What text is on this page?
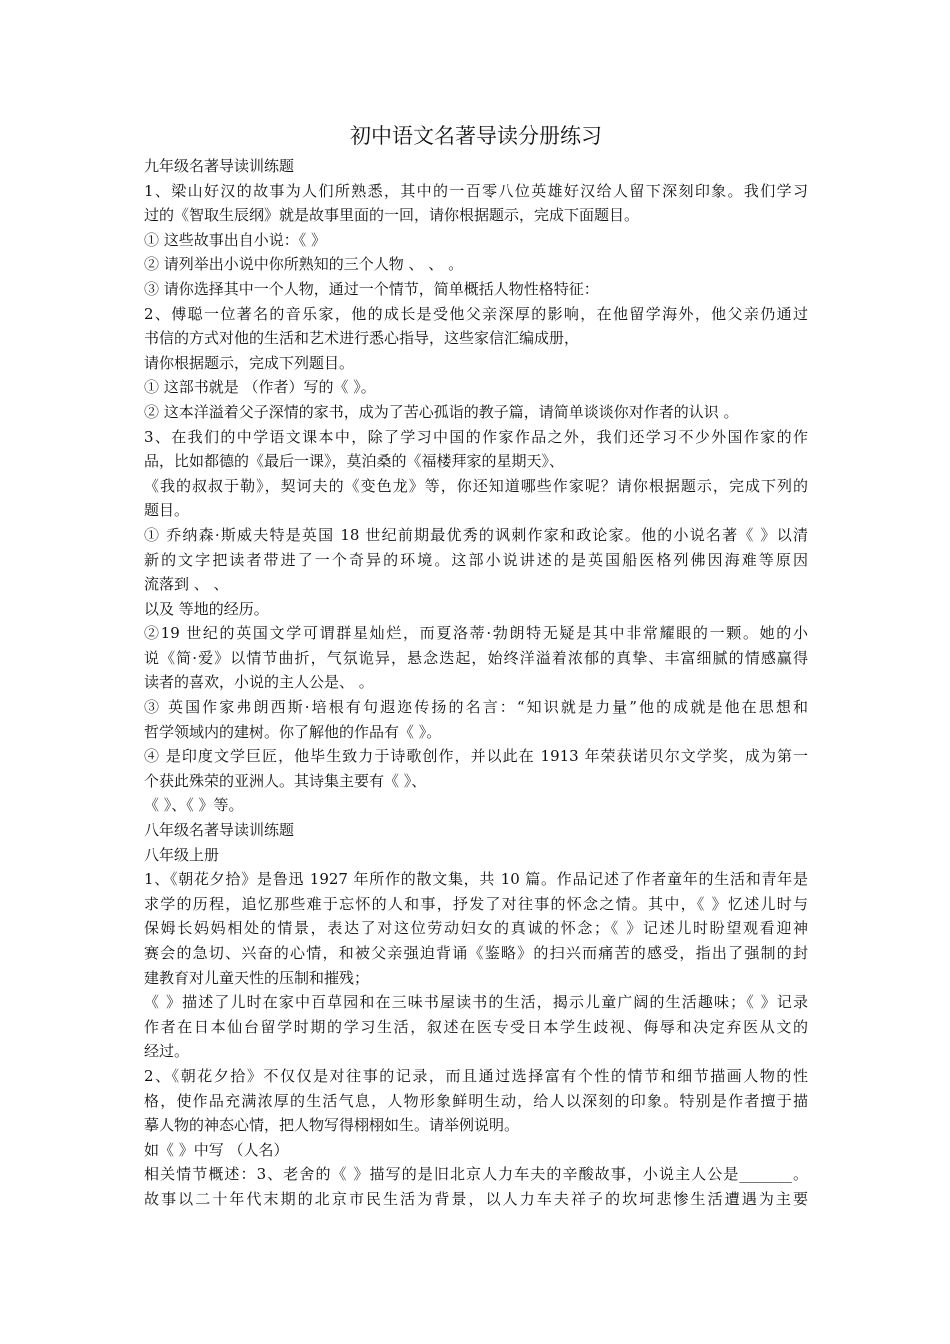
初中语文名著导读分册练习

九年级名著导读训练题

1、梁山好汉的故事为人们所熟悉，其中的一百零八位英雄好汉给人留下深刻印象。我们学习

过的《智取生辰纲》就是故事里面的一回，请你根据题示，完成下面题目。

① 这些故事出自小说：《 》

② 请列举出小说中你所熟知的三个人物 、 、 。

③ 请你选择其中一个人物，通过一个情节，简单概括人物性格特征：

2、傅聪一位著名的音乐家，他的成长是受他父亲深厚的影响，在他留学海外，他父亲仍通过

书信的方式对他的生活和艺术进行悉心指导，这些家信汇编成册，

请你根据题示，完成下列题目。

① 这部书就是 （作者）写的《 》。

② 这本洋溢着父子深情的家书，成为了苦心孤诣的教子篇，请简单谈谈你对作者的认识 。

3、在我们的中学语文课本中，除了学习中国的作家作品之外，我们还学习不少外国作家的作

品，比如都德的《最后一课》，莫泊桑的《福楼拜家的星期天》、

《我的叔叔于勒》，契诃夫的《变色龙》等，你还知道哪些作家呢？请你根据题示，完成下列的

题目。

① 乔纳森·斯威夫特是英国 18 世纪前期最优秀的讽刺作家和政论家。他的小说名著《 》以清

新的文字把读者带进了一个奇异的环境。这部小说讲述的是英国船医格列佛因海难等原因

流落到 、 、

以及 等地的经历。

②19 世纪的英国文学可谓群星灿烂，而夏洛蒂·勃朗特无疑是其中非常耀眼的一颗。她的小

说《简·爱》以情节曲折，气氛诡异，悬念迭起，始终洋溢着浓郁的真挚、丰富细腻的情感赢得

读者的喜欢，小说的主人公是、 。

③ 英国作家弗朗西斯·培根有句遐迩传扬的名言：“知识就是力量”他的成就是他在思想和

哲学领域内的建树。你了解他的作品有《 》。

④ 是印度文学巨匠，他毕生致力于诗歌创作，并以此在 1913 年荣获诺贝尔文学奖，成为第一

个获此殊荣的亚洲人。其诗集主要有《 》、

《 》、《 》等。

八年级名著导读训练题

八年级上册

1、《朝花夕拾》是鲁迅 1927 年所作的散文集，共 10 篇。作品记述了作者童年的生活和青年是

求学的历程，追忆那些难于忘怀的人和事，抒发了对往事的怀念之情。其中，《 》忆述儿时与

保姆长妈妈相处的情景，表达了对这位劳动妇女的真诚的怀念；《 》记述儿时盼望观看迎神

赛会的急切、兴奋的心情，和被父亲强迫背诵《鉴略》的扫兴而痛苦的感受，指出了强制的封

建教育对儿童天性的压制和摧残；

《 》描述了儿时在家中百草园和在三味书屋读书的生活，揭示儿童广阔的生活趣味；《 》记录

作者在日本仙台留学时期的学习生活，叙述在医专受日本学生歧视、侮辱和决定弃医从文的

经过。

2、《朝花夕拾》不仅仅是对往事的记录，而且通过选择富有个性的情节和细节描画人物的性

格，使作品充满浓厚的生活气息，人物形象鲜明生动，给人以深刻的印象。特别是作者擅于描

摹人物的神态心情，把人物写得栩栩如生。请举例说明。

如《 》中写 （人名）

相关情节概述：3、老舍的《 》描写的是旧北京人力车夫的辛酸故事，小说主人公是_______。

故事以二十年代末期的北京市民生活为背景，以人力车夫祥子的坎坷悲惨生活遭遇为主要
